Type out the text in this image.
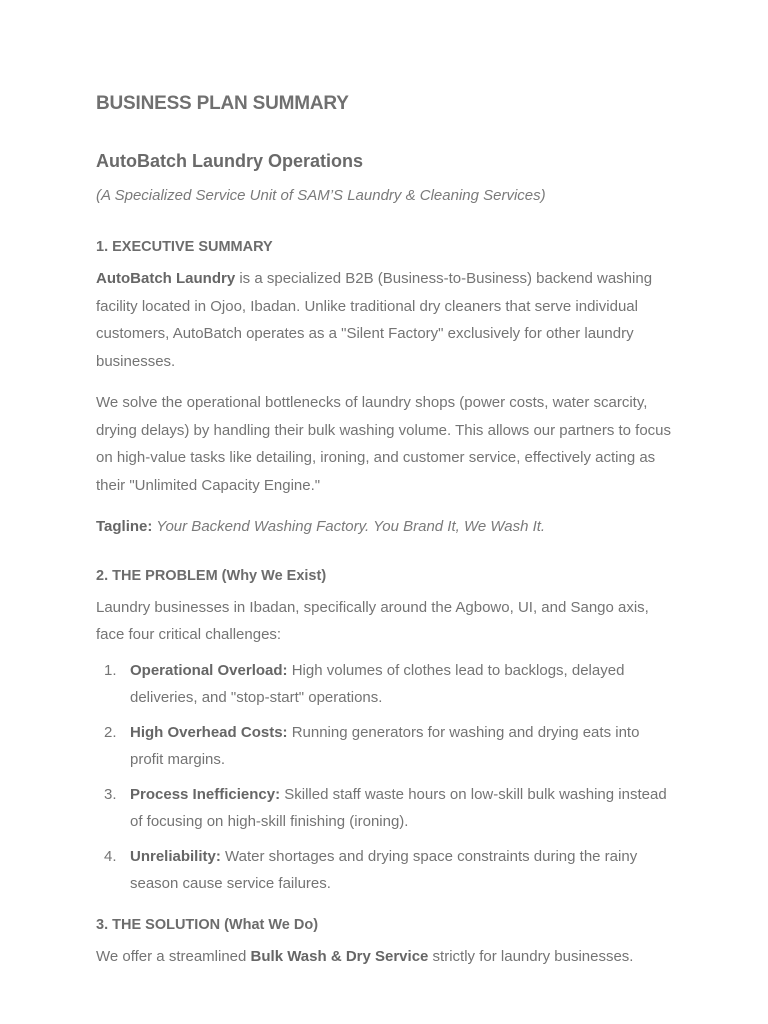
BUSINESS PLAN SUMMARY
AutoBatch Laundry Operations
(A Specialized Service Unit of SAM’S Laundry & Cleaning Services)
1. EXECUTIVE SUMMARY

AutoBatch Laundry is a specialized B2B (Business-to-Business) backend washing facility located in Ojoo, Ibadan. Unlike traditional dry cleaners that serve individual customers, AutoBatch operates as a "Silent Factory" exclusively for other laundry businesses.

We solve the operational bottlenecks of laundry shops (power costs, water scarcity, drying delays) by handling their bulk washing volume. This allows our partners to focus on high-value tasks like detailing, ironing, and customer service, effectively acting as their "Unlimited Capacity Engine."

Tagline: Your Backend Washing Factory. You Brand It, We Wash It.

2. THE PROBLEM (Why We Exist)

Laundry businesses in Ibadan, specifically around the Agbowo, UI, and Sango axis, face four critical challenges:

1. Operational Overload: High volumes of clothes lead to backlogs, delayed deliveries, and "stop-start" operations.
2. High Overhead Costs: Running generators for washing and drying eats into profit margins.
3. Process Inefficiency: Skilled staff waste hours on low-skill bulk washing instead of focusing on high-skill finishing (ironing).
4. Unreliability: Water shortages and drying space constraints during the rainy season cause service failures.
3. THE SOLUTION (What We Do)

We offer a streamlined Bulk Wash & Dry Service strictly for laundry businesses.
